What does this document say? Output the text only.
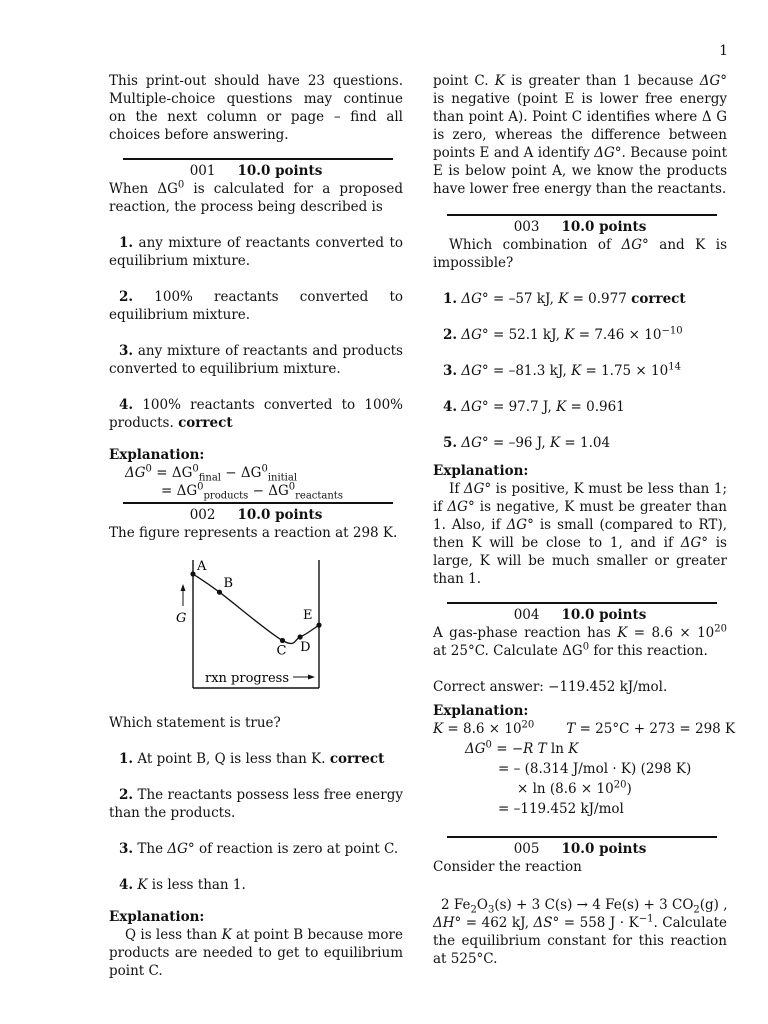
1

This print-out should have 23 questions. Multiple-choice questions may continue on the next column or page – find all choices before answering.

001 10.0 points

When $\Delta G^0$ is calculated for a proposed reaction, the process being described is

1. any mixture of reactants converted to equilibrium mixture.

2. 100% reactants converted to equilibrium mixture.

3. any mixture of reactants and products converted to equilibrium mixture.

4. 100% reactants converted to 100% products. correct

Explanation:

$\Delta G^0 = \Delta G^0_{final} - \Delta G^0_{initial}$

= $\Delta G^0_{products} - \Delta G^0_{reactants}$

002 10.0 points

The figure represents a reaction at 298 K.

G
rxn progress
A
B
C D
E

Which statement is true?

1. At point B, Q is less than K. correct

2. The reactants possess less free energy than the products.

3. The ΔG° of reaction is zero at point C.

4. K is less than 1.

Explanation:

Q is less than K at point B because more products are needed to get to equilibrium point C.

point C. K is greater than 1 because ΔG° is negative (point E is lower free energy than point A). Point C identifies where Δ G is zero, whereas the difference between points E and A identify ΔG°. Because point E is below point A, we know the products have lower free energy than the reactants.

003 10.0 points

Which combination of ΔG° and K is impossible?

1. ΔG° = –57 kJ, K = 0.977 correct

2. ΔG° = 52.1 kJ, $K = 7.46 \times 10^{-10}$

3. ΔG° = –81.3 kJ, $K = 1.75 \times 10^{14}$

4. ΔG° = 97.7 J, K = 0.961

5. ΔG° = –96 J, K = 1.04

Explanation:

If ΔG° is positive, K must be less than 1; if ΔG° is negative, K must be greater than 1. Also, if ΔG° is small (compared to RT), then K will be close to 1, and if ΔG° is large, K will be much smaller or greater than 1.

004 10.0 points

A gas-phase reaction has $K = 8.6 \times 10^{20}$ at 25°C. Calculate $\Delta G^0$ for this reaction.

Correct answer: −119.452 kJ/mol.

Explanation:

$K = 8.6 \times 10^{20}$ T = 25°C + 273 = 298 K

$\Delta G^0 = -R$ T ln K

= – (8.314 J/mol · K) (298 K)

× $\ln (8.6 \times 10^{20})$

= –119.452 kJ/mol

005 10.0 points

Consider the reaction

2 $Fe_2O_3(s) + 3$ C(s) → 4 Fe(s) + 3 $CO_2(g)$ ,

ΔH° = 462 kJ, ΔS° = 558 $J \cdot K^{-1}$. Calculate the equilibrium constant for this reaction at 525°C.
